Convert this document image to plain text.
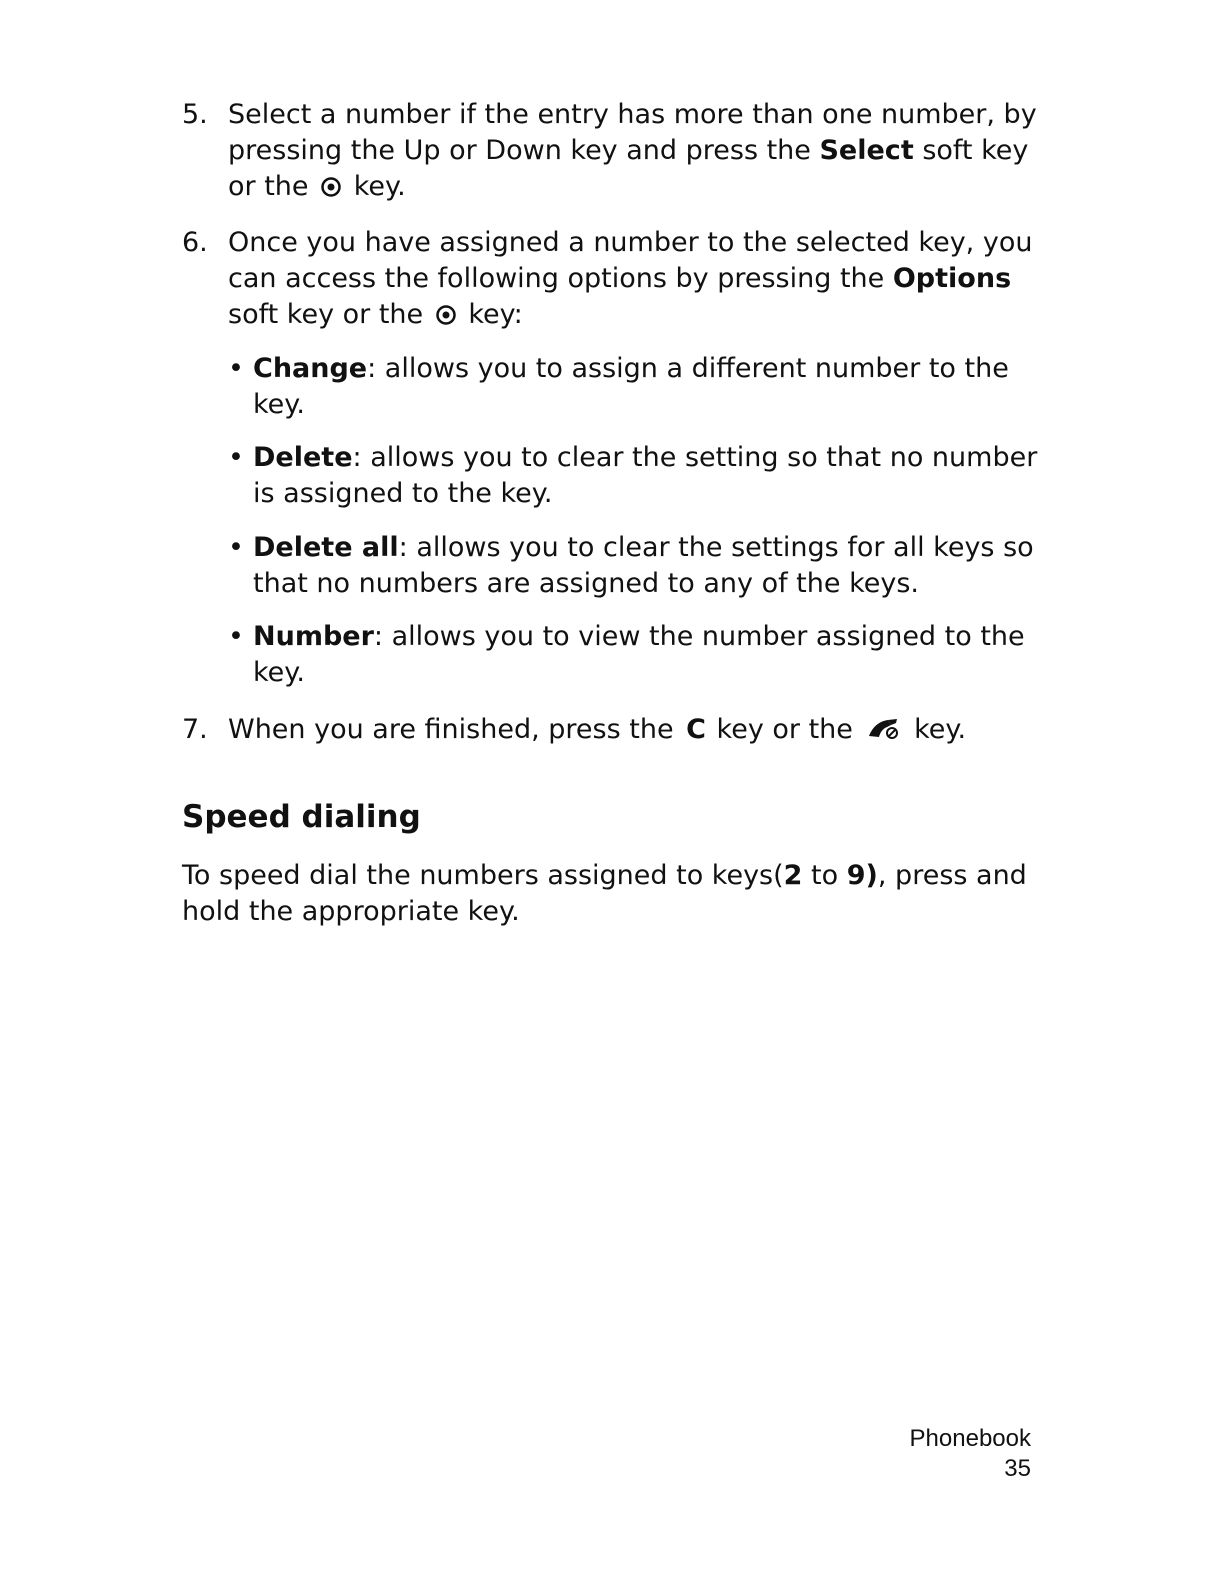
5. Select a number if the entry has more than one number, by pressing the Up or Down key and press the Select soft key or the  key.
6. Once you have assigned a number to the selected key, you can access the following options by pressing the Options soft key or the  key:
• Change: allows you to assign a different number to the key.
• Delete: allows you to clear the setting so that no number is assigned to the key.
• Delete all: allows you to clear the settings for all keys so that no numbers are assigned to any of the keys.
• Number: allows you to view the number assigned to the key.
7. When you are finished, press the C key or the  key.
Speed dialing
To speed dial the numbers assigned to keys(2 to 9), press and hold the appropriate key.
Phonebook
35
